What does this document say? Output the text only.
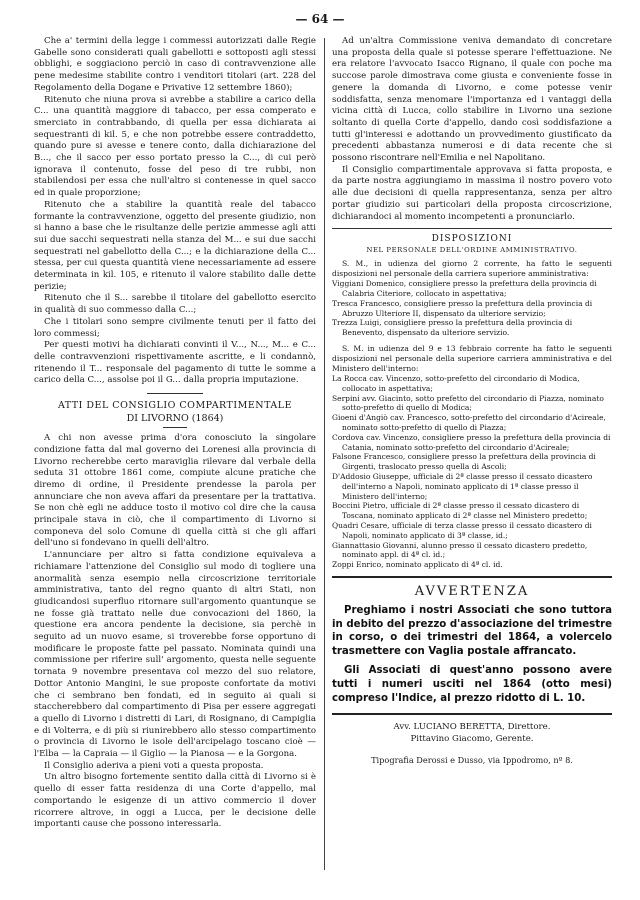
— 64 —

Che a' termini della legge i commessi autorizzati dalle Regie Gabelle sono considerati quali gabellotti e sottoposti agli stessi obblighi, e soggiaciono perciò in caso di contravvenzione alle pene medesime stabilite contro i venditori titolari (art. 228 del Regolamento della Dogane e Privative 12 settembre 1860);

Ritenuto che niuna prova si avrebbe a stabilire a carico della C... una quantità maggiore di tabacco, per essa comperato e smerciato in contrabbando, di quella per essa dichiarata ai sequestranti di kil. 5, e che non potrebbe essere contraddetto, quando pure si avesse e tenere conto, dalla dichiarazione del B..., che il sacco per esso portato presso la C..., di cui però ignorava il contenuto, fosse del peso di tre rubbi, non stabilendosi per essa che null'altro si contenesse in quel sacco ed in quale proporzione;

Ritenuto che a stabilire la quantità reale del tabacco formante la contravvenzione, oggetto del presente giudizio, non si hanno a base che le risultanze delle perizie ammesse agli atti sui due sacchi sequestrati nella stanza del M... e sui due sacchi sequestrati nel gabellotto della C...; e la dichiarazione della C... stessa, per cui questa quantità viene necessariamente ad essere determinata in kil. 105, e ritenuto il valore stabilito dalle dette perizie;

Ritenuto che il S... sarebbe il titolare del gabellotto esercito in qualità di suo commesso dalla C...;

Che i titolari sono sempre civilmente tenuti per il fatto dei loro commessi;

Per questi motivi ha dichiarati convinti il V..., N..., M... e C... delle contravvenzioni rispettivamente ascritte, e li condannò, ritenendo il T... responsale del pagamento di tutte le somme a carico della C..., assolse poi il G... dalla propria imputazione.

ATTI DEL CONSIGLIO COMPARTIMENTALE
DI LIVORNO (1864)

A chi non avesse prima d'ora conosciuto la singolare condizione fatta dal mal governo dei Lorenesi alla provincia di Livorno recherebbe certo maraviglia rilevare dal verbale della seduta 31 ottobre 1861 come, compiute alcune pratiche che diremo di ordine, il Presidente prendesse la parola per annunciare che non aveva affari da presentare per la trattativa. Se non chè egli ne adduce tosto il motivo col dire che la causa principale stava in ciò, che il compartimento di Livorno si componeva del solo Comune di quella città si che gli affari dell'uno si fondevano in quelli dell'altro.

L'annunciare per altro si fatta condizione equivaleva a richiamare l'attenzione del Consiglio sul modo di togliere una anormalità senza esempio nella circoscrizione territoriale amministrativa, tanto del regno quanto di altri Stati, non giudicandosi superfluo ritornare sull'argomento quantunque se ne fosse già trattato nelle due convocazioni del 1860, la questione era ancora pendente la decisione, sia perchè in seguito ad un nuovo esame, si troverebbe forse opportuno di modificare le proposte fatte pel passato. Nominata quindi una commissione per riferire sull' argomento, questa nelle seguente tornata 9 novembre presentava col mezzo del suo relatore, Dottor Antonio Mangini, le sue proposte confortate da motivi che ci sembrano ben fondati, ed in seguito ai quali si staccherebbero dal compartimento di Pisa per essere aggregati a quello di Livorno i distretti di Lari, di Rosignano, di Campiglia e di Volterra, e di più si riunirebbero allo stesso compartimento o provincia di Livorno le isole dell'arcipelago toscano cioè — l'Elba — la Capraia — il Giglio — la Pianosa — e la Gorgona.

Il Consiglio aderiva a pieni voti a questa proposta.

Un altro bisogno fortemente sentito dalla città di Livorno si è quello di esser fatta residenza di una Corte d'appello, mal comportando le esigenze di un attivo commercio il dover ricorrere altrove, in oggi a Lucca, per le decisione delle importanti cause che possono interessarla.

Ad un'altra Commissione veniva demandato di concretare una proposta della quale si potesse sperare l'effettuazione. Ne era relatore l'avvocato Isacco Rignano, il quale con poche ma succose parole dimostrava come giusta e conveniente fosse in genere la domanda di Livorno, e come potesse venir soddisfatta, senza menomare l'importanza ed i vantaggi della vicina città di Lucca, collo stabilire in Livorno una sezione soltanto di quella Corte d'appello, dando così soddisfazione a tutti gl'interessi e adottando un provvedimento giustificato da precedenti abbastanza numerosi e di data recente che si possono riscontrare nell'Emilia e nel Napolitano.

Il Consiglio compartimentale approvava si fatta proposta, e da parte nostra aggiungiamo in massima il nostro povero voto alle due decisioni di quella rappresentanza, senza per altro portar giudizio sui particolari della proposta circoscrizione, dichiarandoci al momento incompetenti a pronunciarlo.

DISPOSIZIONI
NEL PERSONALE DELL'ORDINE AMMINISTRATIVO.

S. M., in udienza del giorno 2 corrente, ha fatto le seguenti disposizioni nel personale della carriera superiore amministrativa:

Viggiani Domenico, consigliere presso la prefettura della provincia di Calabria Citeriore, collocato in aspettativa;
Tresca Francesco, consigliere presso la prefettura della provincia di Abruzzo Ulteriore II, dispensato da ulteriore servizio;
Trezza Luigi, consigliere presso la prefettura della provincia di Benevento, dispensato da ulteriore servizio.

S. M. in udienza del 9 e 13 febbraio corrente ha fatto le seguenti disposizioni nel personale della superiore carriera amministrativa e del Ministero dell'interno:

La Rocca cav. Vincenzo, sotto-prefetto del circondario di Modica, collocato in aspettativa;
Serpini avv. Giacinto, sotto prefetto del circondario di Piazza, nominato sotto-prefetto di quello di Modica;
Gioeni d'Angiò cav. Francesco, sotto-prefetto del circondario d'Acireale, nominato sotto-prefetto di quello di Piazza;
Cordova cav. Vincenzo, consigliere presso la prefettura della provincia di Catania, nominato sotto-prefetto del circondario d'Acireale;
Falsone Francesco, consigliere presso la prefettura della provincia di Girgenti, traslocato presso quella di Ascoli;
D'Addosio Giuseppe, ufficiale di 2ª classe presso il cessato dicastero dell'interno a Napoli, nominato applicato di 1ª classe presso il Ministero dell'interno;
Boccini Pietro, ufficiale di 2ª classe presso il cessato dicastero di Toscana, nominato applicato di 2ª classe nel Ministero predetto;
Quadri Cesare, ufficiale di terza classe presso il cessato dicastero di Napoli, nominato applicato di 3ª classe, id.;
Giannattasio Giovanni, alunno presso il cessato dicastero predetto, nominato appl. di 4ª cl. id.;
Zoppi Enrico, nominato applicato di 4ª cl. id.
AVVERTENZA

Preghiamo i nostri Associati che sono tuttora in debito del prezzo d'associazione del trimestre in corso, o dei trimestri del 1864, a volercelo trasmettere con Vaglia postale affrancato.

Gli Associati di quest'anno possono avere tutti i numeri usciti nel 1864 (otto mesi) compreso l'Indice, al prezzo ridotto di L. 10.

Avv. LUCIANO BERETTA, Direttore.
Pittavino Giacomo, Gerente.
Tipografia Derossi e Dusso, via Ippodromo, nº 8.
